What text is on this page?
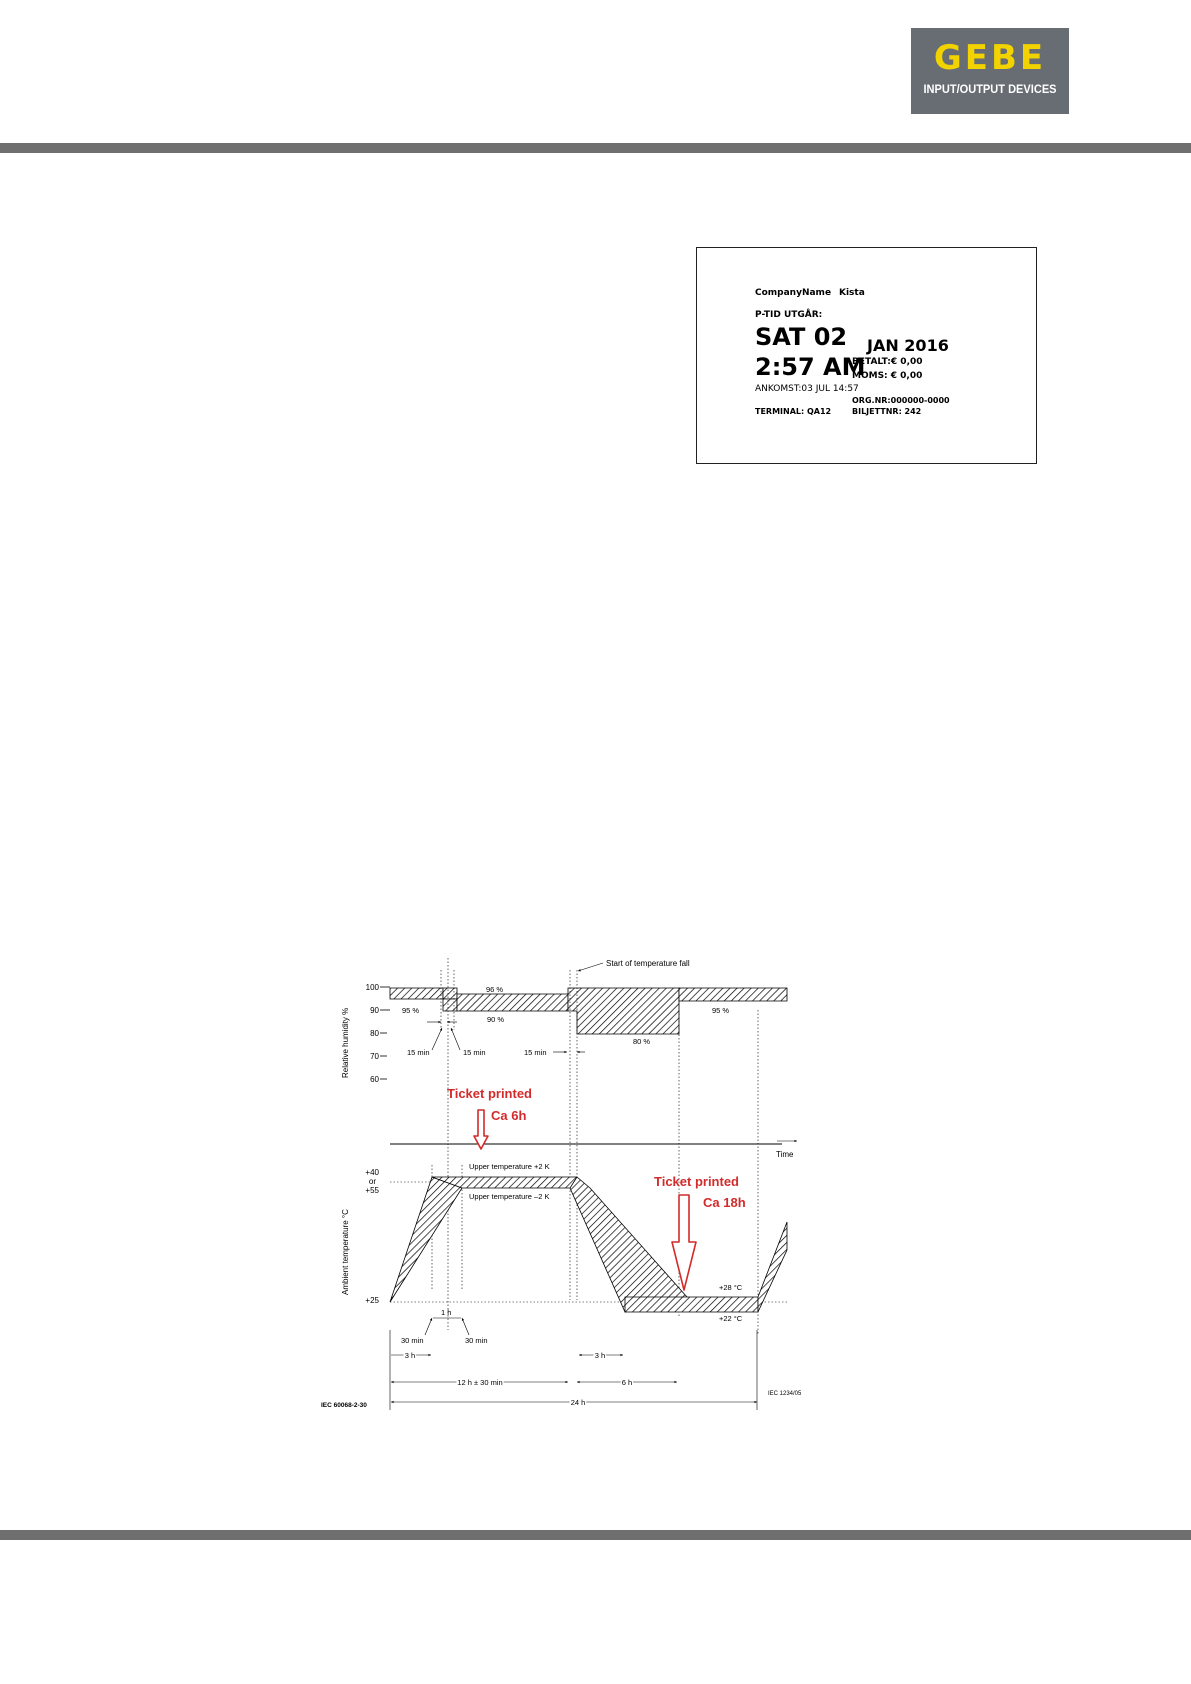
GEBE
INPUT/OUTPUT DEVICES
CompanyName Kista
P-TID UTGÅR:
SAT 02 JAN 2016
2:57 AM
BETALT:€ 0,00
MOMS: € 0,00
ANKOMST:03 JUL 14:57
ORG.NR:000000-0000
TERMINAL: QA12	BILJETTNR: 242
Relative humidity %
100
90
80
70
60
95 %
96 %
90 %
80 %
95 %
15 min	15 min	15 min
Start of temperature fall
Time
Ambient temperature °C
+40
or
+55
+25
Upper temperature +2 K
Upper temperature –2 K
+28 °C
+22 °C
1 h
30 min	30 min
3 h	3 h
12 h ± 30 min	6 h
24 h
IEC 1234/05
IEC 60068-2-30
Ticket printed
Ca 6h
Ticket printed
Ca 18h
